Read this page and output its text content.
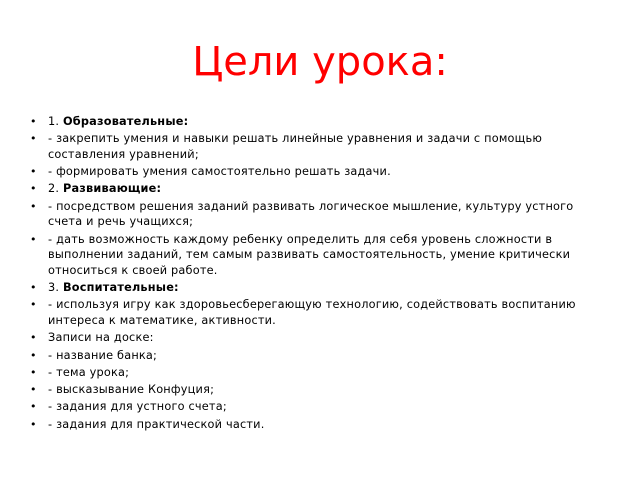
Цели урока:
• 1. Образовательные:
• - закрепить умения и навыки решать линейные уравнения и задачи с помощью составления уравнений;
• - формировать умения самостоятельно решать задачи.
• 2. Развивающие:
• - посредством решения заданий развивать логическое мышление, культуру устного счета и речь учащихся;
• - дать возможность каждому ребенку определить для себя уровень сложности в выполнении заданий, тем самым развивать самостоятельность, умение критически относиться к своей работе.
• 3. Воспитательные:
• - используя игру как здоровьесберегающую технологию, содействовать воспитанию интереса к математике, активности.
• Записи на доске:
• - название банка;
• - тема урока;
• - высказывание Конфуция;
• - задания для устного счета;
• - задания для практической части.
